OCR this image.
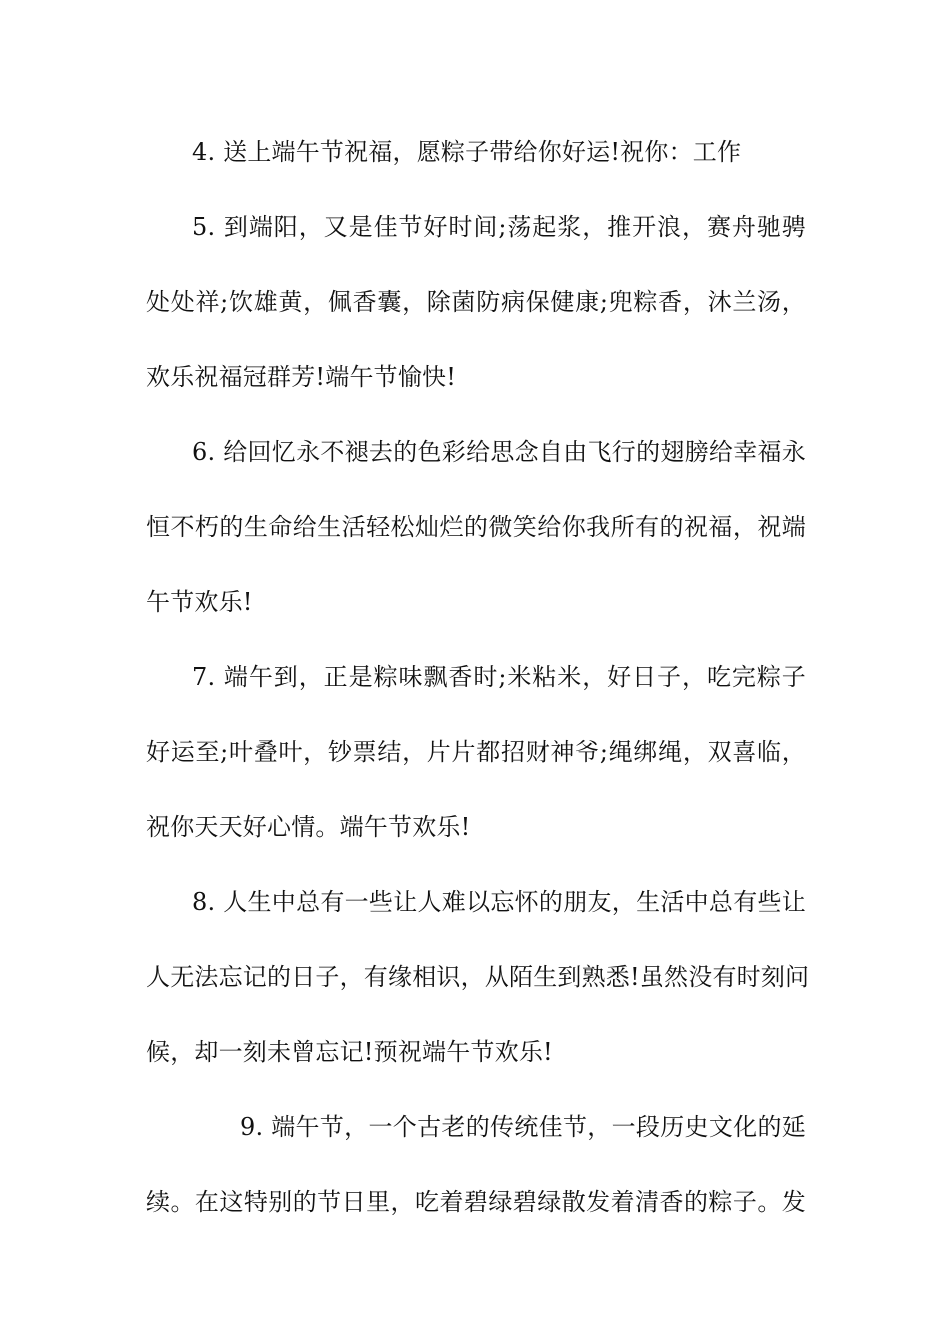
4. 送上端午节祝福，愿粽子带给你好运!祝你：工作
5. 到端阳，又是佳节好时间;荡起浆，推开浪，赛舟驰骋
处处祥;饮雄黄，佩香囊，除菌防病保健康;兜粽香，沐兰汤，
欢乐祝福冠群芳!端午节愉快!
6. 给回忆永不褪去的色彩给思念自由飞行的翅膀给幸福永
恒不朽的生命给生活轻松灿烂的微笑给你我所有的祝福，祝端
午节欢乐!
7. 端午到，正是粽味飘香时;米粘米，好日子，吃完粽子
好运至;叶叠叶，钞票结，片片都招财神爷;绳绑绳，双喜临，
祝你天天好心情。端午节欢乐!
8. 人生中总有一些让人难以忘怀的朋友，生活中总有些让
人无法忘记的日子，有缘相识，从陌生到熟悉!虽然没有时刻问
候，却一刻未曾忘记!预祝端午节欢乐!
9. 端午节，一个古老的传统佳节，一段历史文化的延
续。在这特别的节日里，吃着碧绿碧绿散发着清香的粽子。发
